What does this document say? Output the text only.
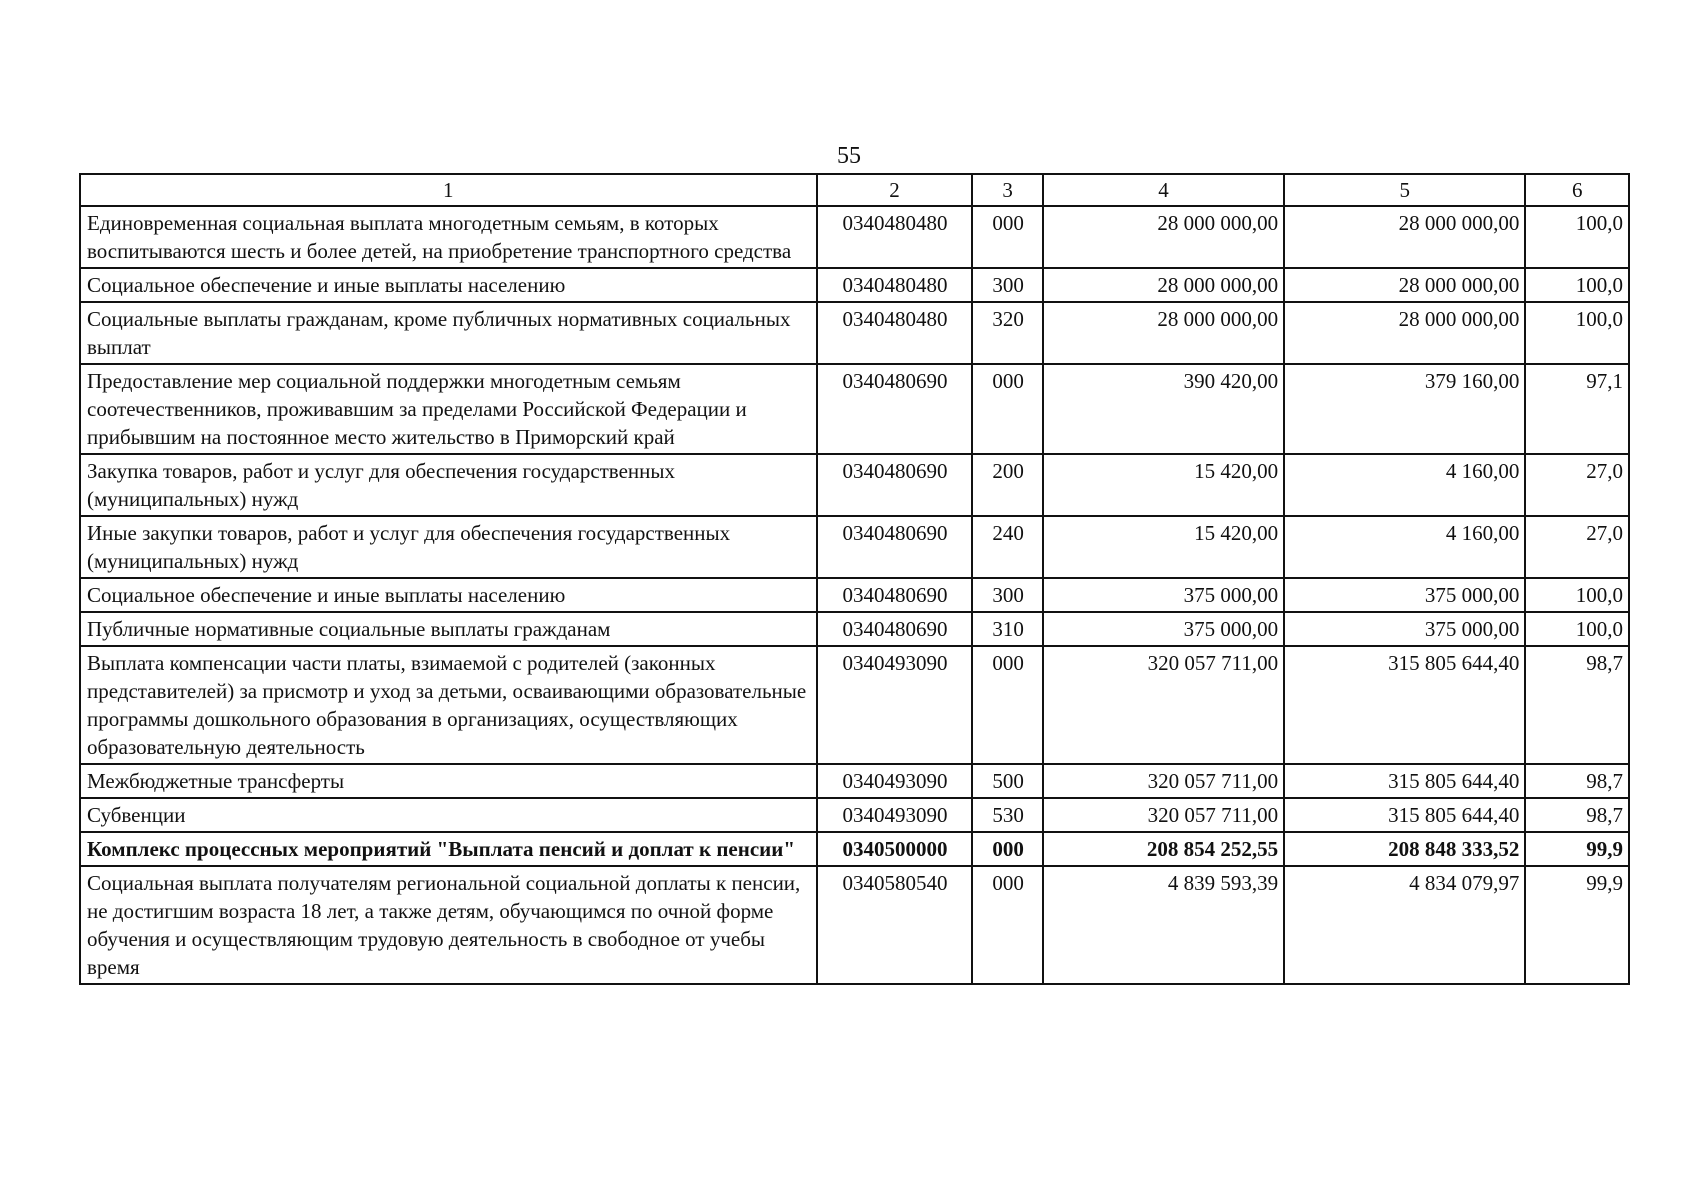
55
1	2	3	4	5	6
Единовременная социальная выплата многодетным семьям, в которых воспитываются шесть и более детей, на приобретение транспортного средства	0340480480	000	28 000 000,00	28 000 000,00	100,0
Социальное обеспечение и иные выплаты населению	0340480480	300	28 000 000,00	28 000 000,00	100,0
Социальные выплаты гражданам, кроме публичных нормативных социальных выплат	0340480480	320	28 000 000,00	28 000 000,00	100,0
Предоставление мер социальной поддержки многодетным семьям соотечественников, проживавшим за пределами Российской Федерации и прибывшим на постоянное место жительство в Приморский край	0340480690	000	390 420,00	379 160,00	97,1
Закупка товаров, работ и услуг для обеспечения государственных (муниципальных) нужд	0340480690	200	15 420,00	4 160,00	27,0
Иные закупки товаров, работ и услуг для обеспечения государственных (муниципальных) нужд	0340480690	240	15 420,00	4 160,00	27,0
Социальное обеспечение и иные выплаты населению	0340480690	300	375 000,00	375 000,00	100,0
Публичные нормативные социальные выплаты гражданам	0340480690	310	375 000,00	375 000,00	100,0
Выплата компенсации части платы, взимаемой с родителей (законных представителей) за присмотр и уход за детьми, осваивающими образовательные программы дошкольного образования в организациях, осуществляющих образовательную деятельность	0340493090	000	320 057 711,00	315 805 644,40	98,7
Межбюджетные трансферты	0340493090	500	320 057 711,00	315 805 644,40	98,7
Субвенции	0340493090	530	320 057 711,00	315 805 644,40	98,7
Комплекс процессных мероприятий "Выплата пенсий и доплат к пенсии"	0340500000	000	208 854 252,55	208 848 333,52	99,9
Социальная выплата получателям региональной социальной доплаты к пенсии, не достигшим возраста 18 лет, а также детям, обучающимся по очной форме обучения и осуществляющим трудовую деятельность в свободное от учебы время	0340580540	000	4 839 593,39	4 834 079,97	99,9
